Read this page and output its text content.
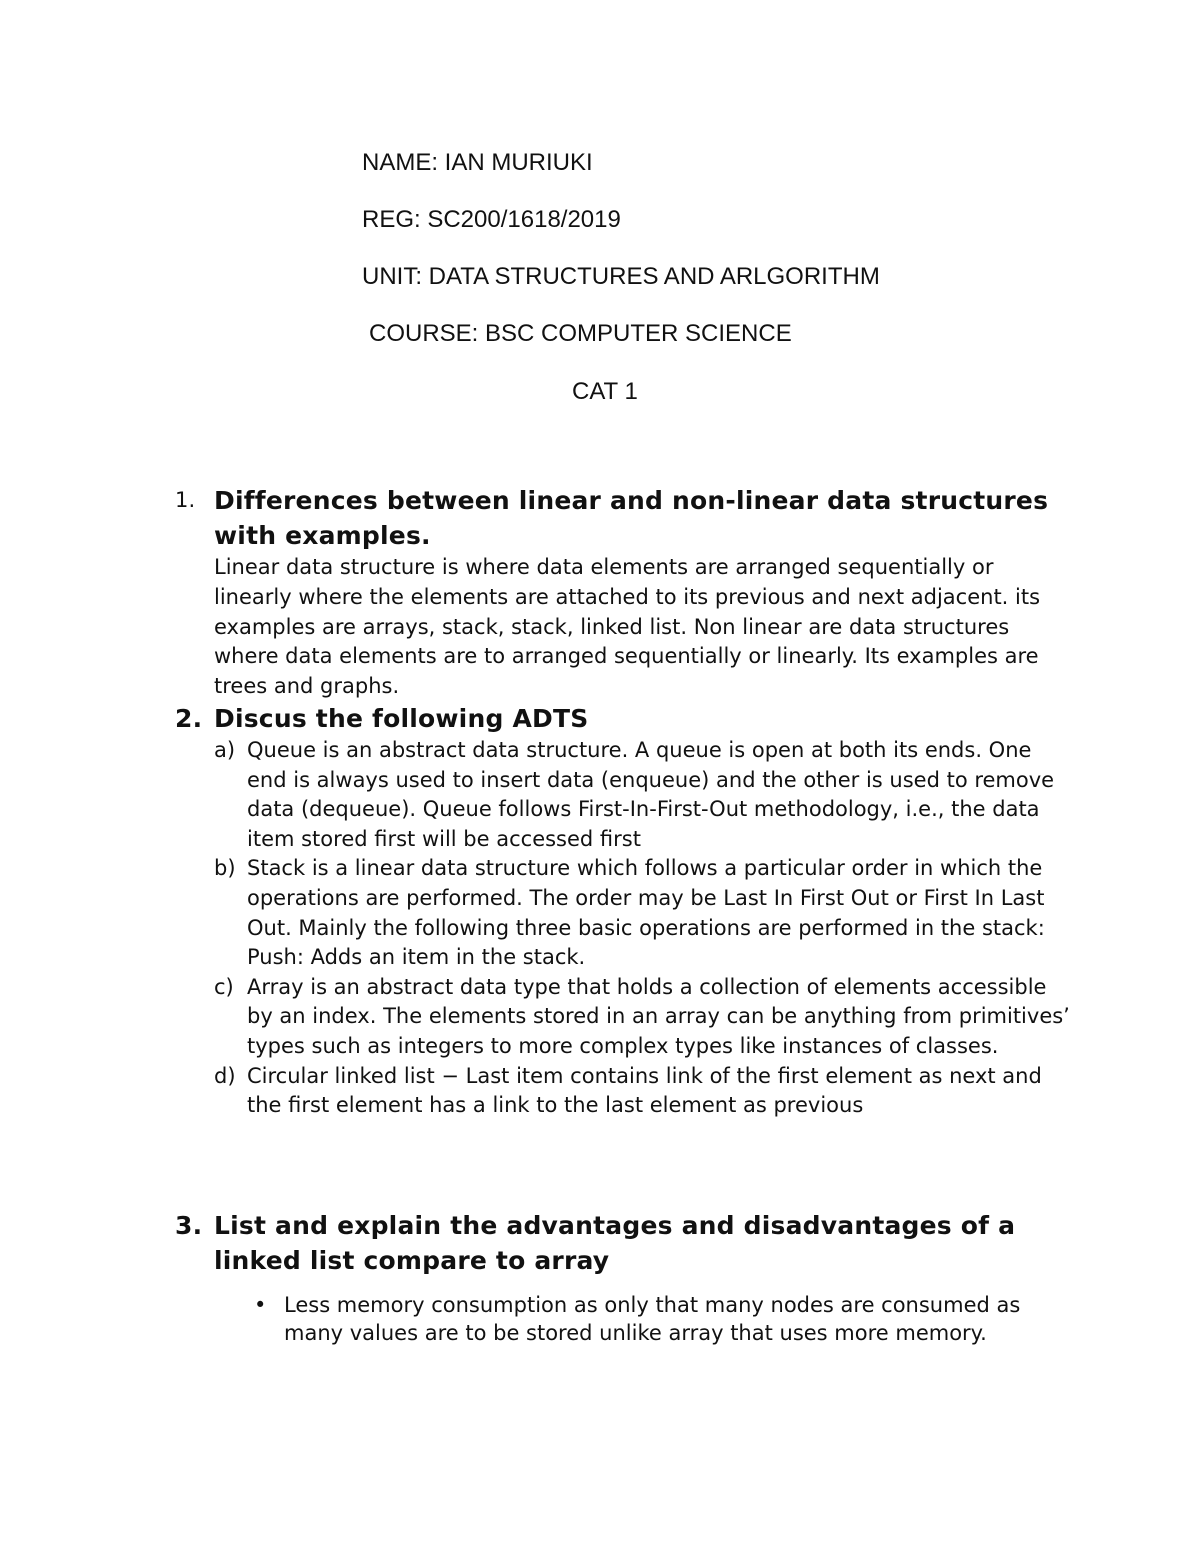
NAME: IAN MURIUKI
REG: SC200/1618/2019
UNIT: DATA STRUCTURES AND ARLGORITHM
COURSE: BSC COMPUTER SCIENCE
CAT 1
1. Differences between linear and non-linear data structures with examples.
Linear data structure is where data elements are arranged sequentially or linearly where the elements are attached to its previous and next adjacent. its examples are arrays, stack, stack, linked list. Non linear are data structures where data elements are to arranged sequentially or linearly. Its examples are trees and graphs.
2. Discus the following ADTS
a) Queue is an abstract data structure. A queue is open at both its ends. One end is always used to insert data (enqueue) and the other is used to remove data (dequeue). Queue follows First-In-First-Out methodology, i.e., the data item stored first will be accessed first
b) Stack is a linear data structure which follows a particular order in which the operations are performed. The order may be Last In First Out or First In Last Out. Mainly the following three basic operations are performed in the stack: Push: Adds an item in the stack.
c) Array is an abstract data type that holds a collection of elements accessible by an index. The elements stored in an array can be anything from primitives’ types such as integers to more complex types like instances of classes.
d) Circular linked list − Last item contains link of the first element as next and the first element has a link to the last element as previous
3. List and explain the advantages and disadvantages of a linked list compare to array
• Less memory consumption as only that many nodes are consumed as many values are to be stored unlike array that uses more memory.
